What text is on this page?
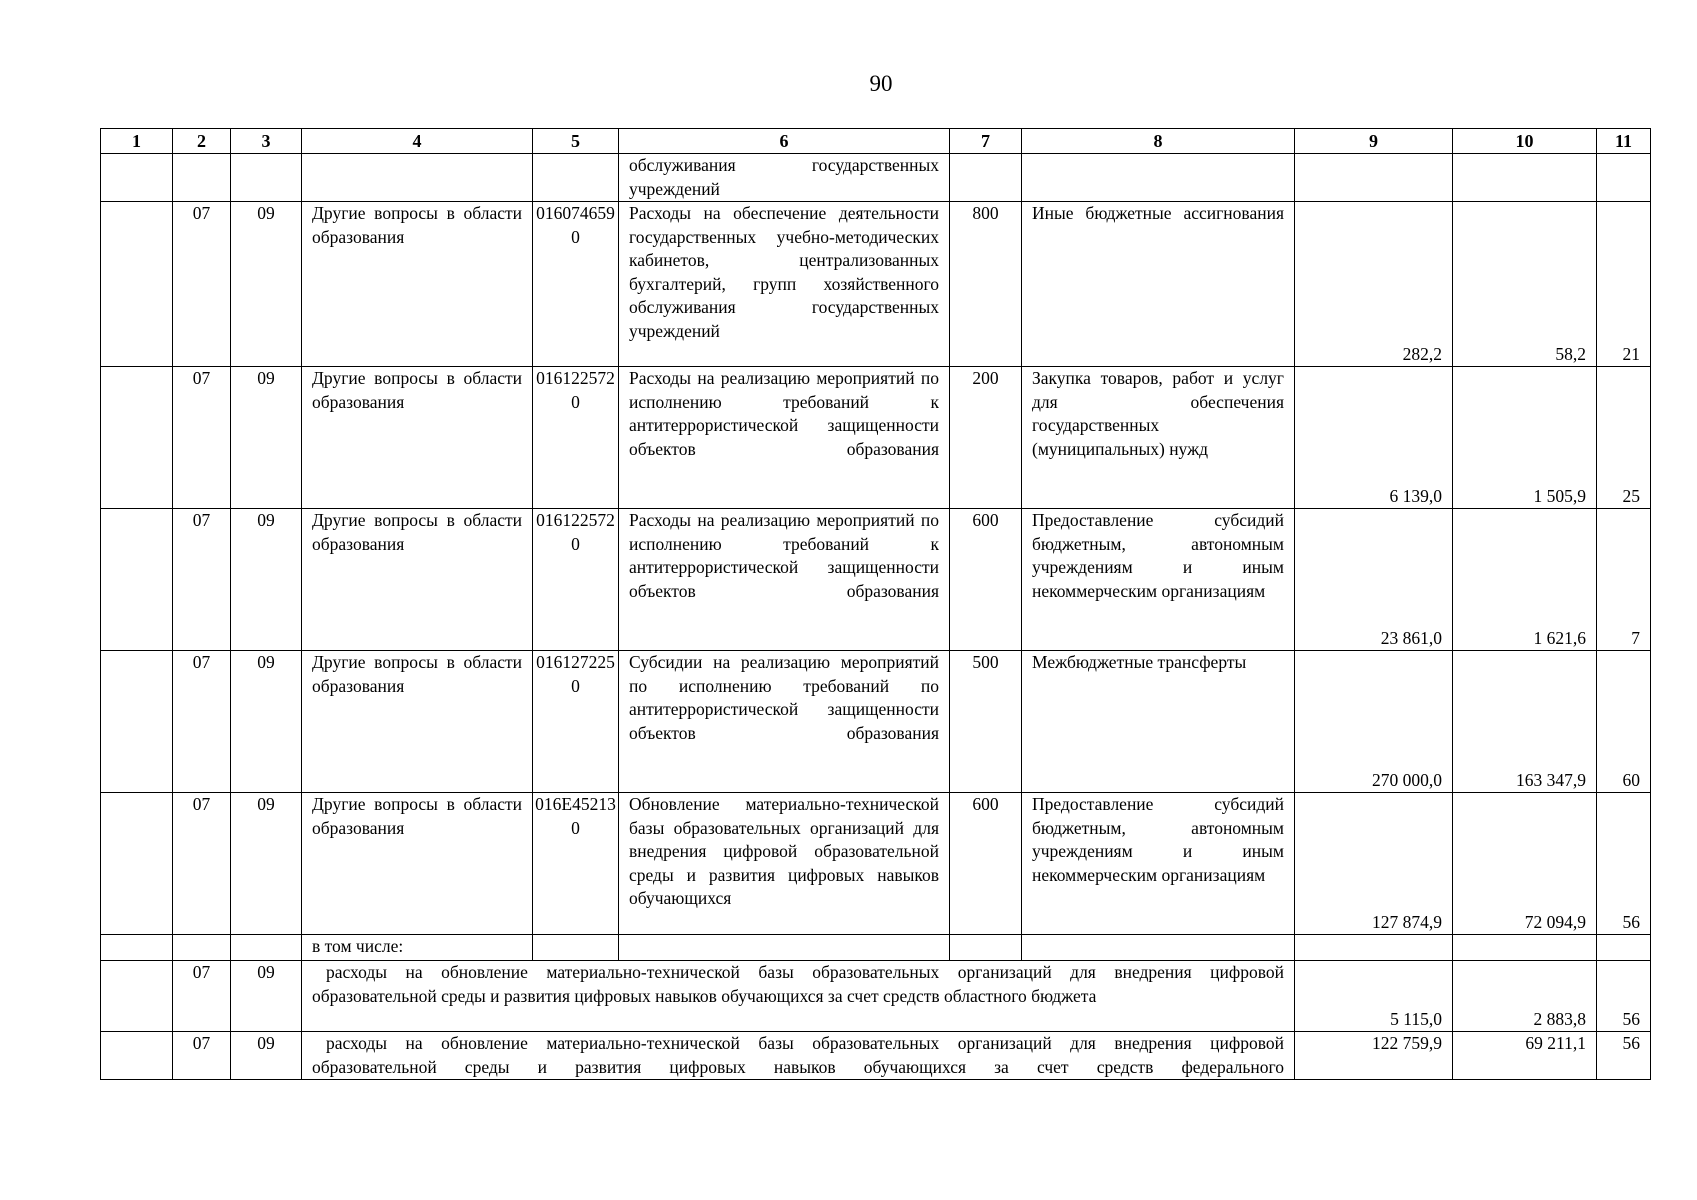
90
1	2	3	4	5	6	7	8	9	10	11
					обслуживания государственных учреждений					
	07	09	Другие вопросы в области образования	0160746590	Расходы на обеспечение деятельности государственных учебно-методических кабинетов, централизованных бухгалтерий, групп хозяйственного обслуживания государственных учреждений	800	Иные бюджетные ассигнования	282,2	58,2	21
	07	09	Другие вопросы в области образования	0161225720	Расходы на реализацию мероприятий по исполнению требований к антитеррористической защищенности объектов образования	200	Закупка товаров, работ и услуг для обеспечения государственных (муниципальных) нужд	6 139,0	1 505,9	25
	07	09	Другие вопросы в области образования	0161225720	Расходы на реализацию мероприятий по исполнению требований к антитеррористической защищенности объектов образования	600	Предоставление субсидий бюджетным, автономным учреждениям и иным некоммерческим организациям	23 861,0	1 621,6	7
	07	09	Другие вопросы в области образования	0161272250	Субсидии на реализацию мероприятий по исполнению требований по антитеррористической защищенности объектов образования	500	Межбюджетные трансферты	270 000,0	163 347,9	60
	07	09	Другие вопросы в области образования	016E452130	Обновление материально-технической базы образовательных организаций для внедрения цифровой образовательной среды и развития цифровых навыков обучающихся	600	Предоставление субсидий бюджетным, автономным учреждениям и иным некоммерческим организациям	127 874,9	72 094,9	56
			в том числе:							
	07	09	расходы на обновление материально-технической базы образовательных организаций для внедрения цифровой образовательной среды и развития цифровых навыков обучающихся за счет средств областного бюджета					5 115,0	2 883,8	56
	07	09	расходы на обновление материально-технической базы образовательных организаций для внедрения цифровой образовательной среды и развития цифровых навыков обучающихся за счет средств федерального					122 759,9	69 211,1	56
